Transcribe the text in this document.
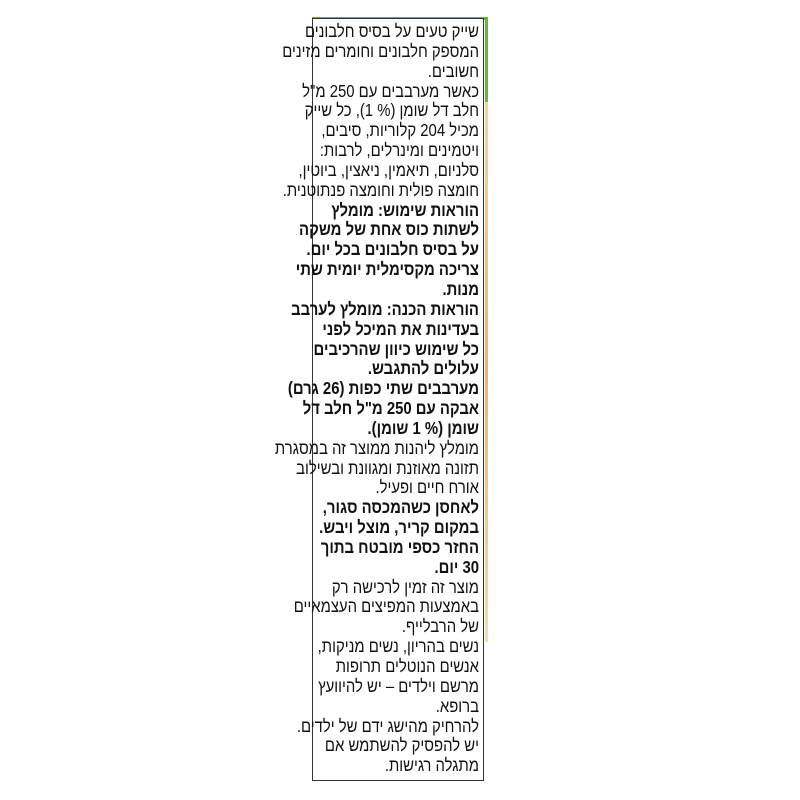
שייק טעים על בסיס חלבונים
המספק חלבונים וחומרים מזינים
חשובים.
כאשר מערבבים עם 250 מ"ל
חלב דל שומן (% 1), כל שייק
מכיל 204 קלוריות, סיבים,
ויטמינים ומינרלים, לרבות:
סלניום, תיאמין, ניאצין, ביוטין,
חומצה פולית וחומצה פנתוטנית.
הוראות שימוש: מומלץ
לשתות כוס אחת של משקה
על בסיס חלבונים בכל יום.
צריכה מקסימלית יומית שתי
מנות.
הוראות הכנה: מומלץ לערבב
בעדינות את המיכל לפני
כל שימוש כיוון שהרכיבים
עלולים להתגבש.
מערבבים שתי כפות (26 גרם)
אבקה עם 250 מ"ל חלב דל
שומן (% 1 שומן).
מומלץ ליהנות ממוצר זה במסגרת
תזונה מאוזנת ומגוונת ובשילוב
אורח חיים ופעיל.
לאחסן כשהמכסה סגור,
במקום קריר, מוצל ויבש.
החזר כספי מובטח בתוך
30 יום.
מוצר זה זמין לרכישה רק
באמצעות המפיצים העצמאיים
של הרבלייף.
נשים בהריון, נשים מניקות,
אנשים הנוטלים תרופות
מרשם וילדים – יש להיוועץ
ברופא.
להרחיק מהישג ידם של ילדים.
יש להפסיק להשתמש אם
מתגלה רגישות.
